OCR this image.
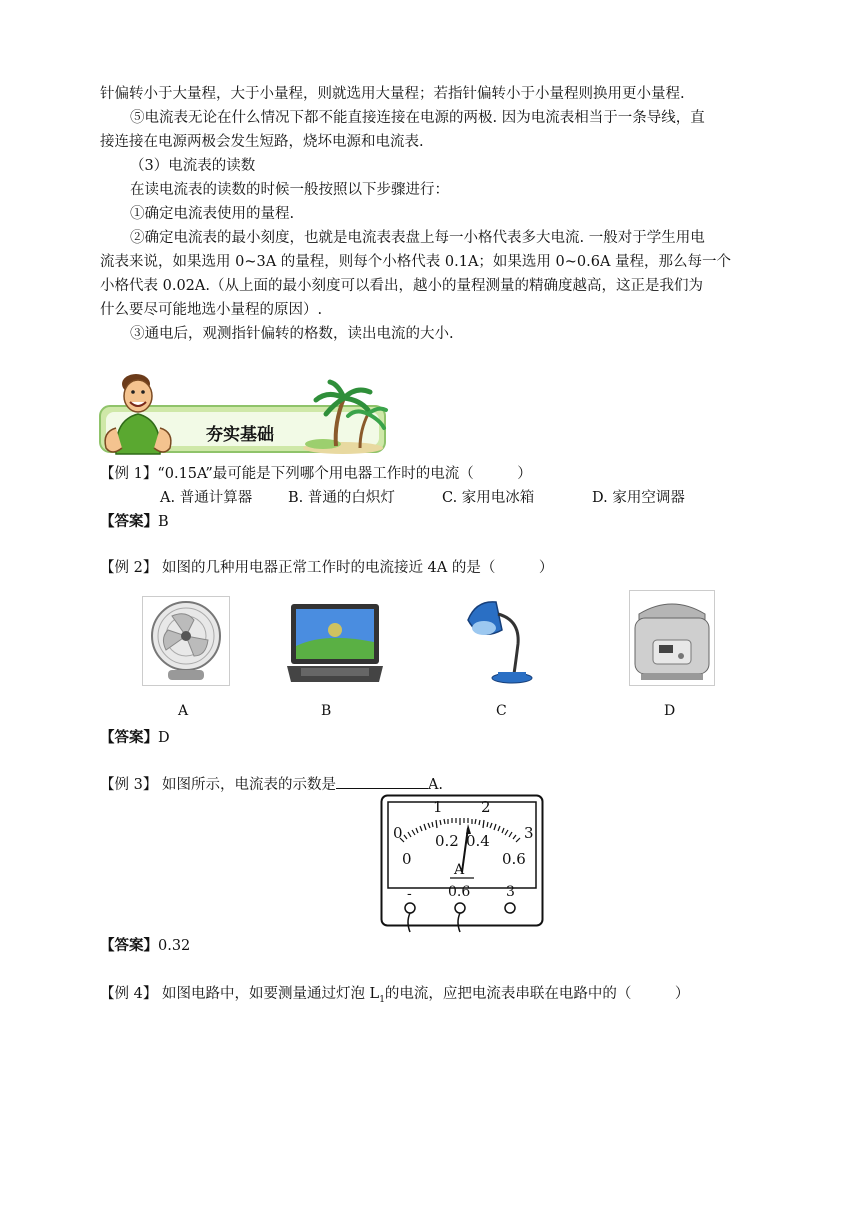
针偏转小于大量程，大于小量程，则就选用大量程；若指针偏转小于小量程则换用更小量程.

⑤电流表无论在什么情况下都不能直接连接在电源的两极. 因为电流表相当于一条导线，直

接连接在电源两极会发生短路，烧坏电源和电流表.

（3）电流表的读数

在读电流表的读数的时候一般按照以下步骤进行：

①确定电流表使用的量程.

②确定电流表的最小刻度，也就是电流表表盘上每一小格代表多大电流. 一般对于学生用电

流表来说，如果选用 0~3A 的量程，则每个小格代表 0.1A；如果选用 0~0.6A 量程，那么每一个

小格代表 0.02A.（从上面的最小刻度可以看出，越小的量程测量的精确度越高，这正是我们为

什么要尽可能地选小量程的原因）.

③通电后，观测指针偏转的格数，读出电流的大小.

夯实基础

【例 1】“0.15A”最可能是下列哪个用电器工作时的电流（　　　）

A. 普通计算器 B. 普通的白炽灯	C. 家用电冰箱	D. 家用空调器

【答案】B

【例 2】 如图的几种用电器正常工作时的电流接近 4A 的是（　　　）

A	B	C	D

【答案】D

【例 3】 如图所示，电流表的示数是	A.

0
1	2
3
0
0.2 0.4
0.6
A
-	0.6	3

【答案】0.32

【例 4】 如图电路中，如要测量通过灯泡 $L_1$的电流，应把电流表串联在电路中的（　　　）
